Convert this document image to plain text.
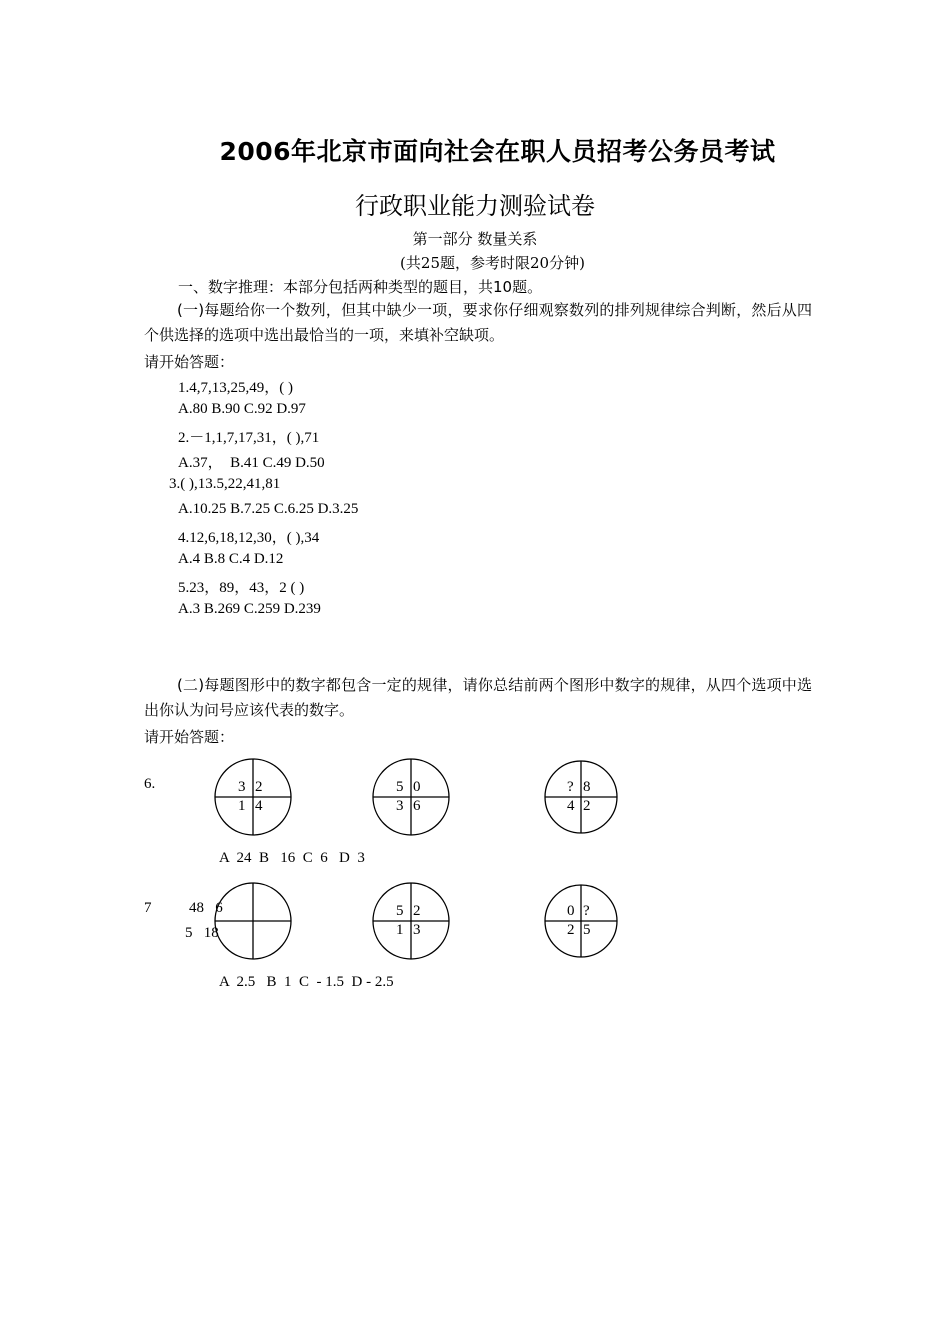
2006年北京市面向社会在职人员招考公务员考试
行政职业能力测验试卷
第一部分 数量关系
(共25题，参考时限20分钟)
一、数字推理：本部分包括两种类型的题目，共10题。
(一)每题给你一个数列，但其中缺少一项，要求你仔细观察数列的排列规律综合判断，然后从四个供选择的选项中选出最恰当的一项，来填补空缺项。
请开始答题：
1.4,7,13,25,49，( )
A.80 B.90 C.92 D.97
2.－1,1,7,17,31，( ),71
A.37，  B.41 C.49 D.50
3.( ),13.5,22,41,81
A.10.25 B.7.25 C.6.25 D.3.25
4.12,6,18,12,30，( ),34
A.4 B.8 C.4 D.12
5.23，89，43，2 ( )
A.3 B.269 C.259 D.239
(二)每题图形中的数字都包含一定的规律，请你总结前两个图形中数字的规律，从四个选项中选出你认为问号应该代表的数字。
请开始答题：
6.	3 2
1 4
5 0
3 6
? 8
4 2
5 2
1 3
0 ?
2 5
A  24  B   16  C  6   D  3
7	48   6
5   18
A  2.5   B  1  C  - 1.5  D - 2.5
